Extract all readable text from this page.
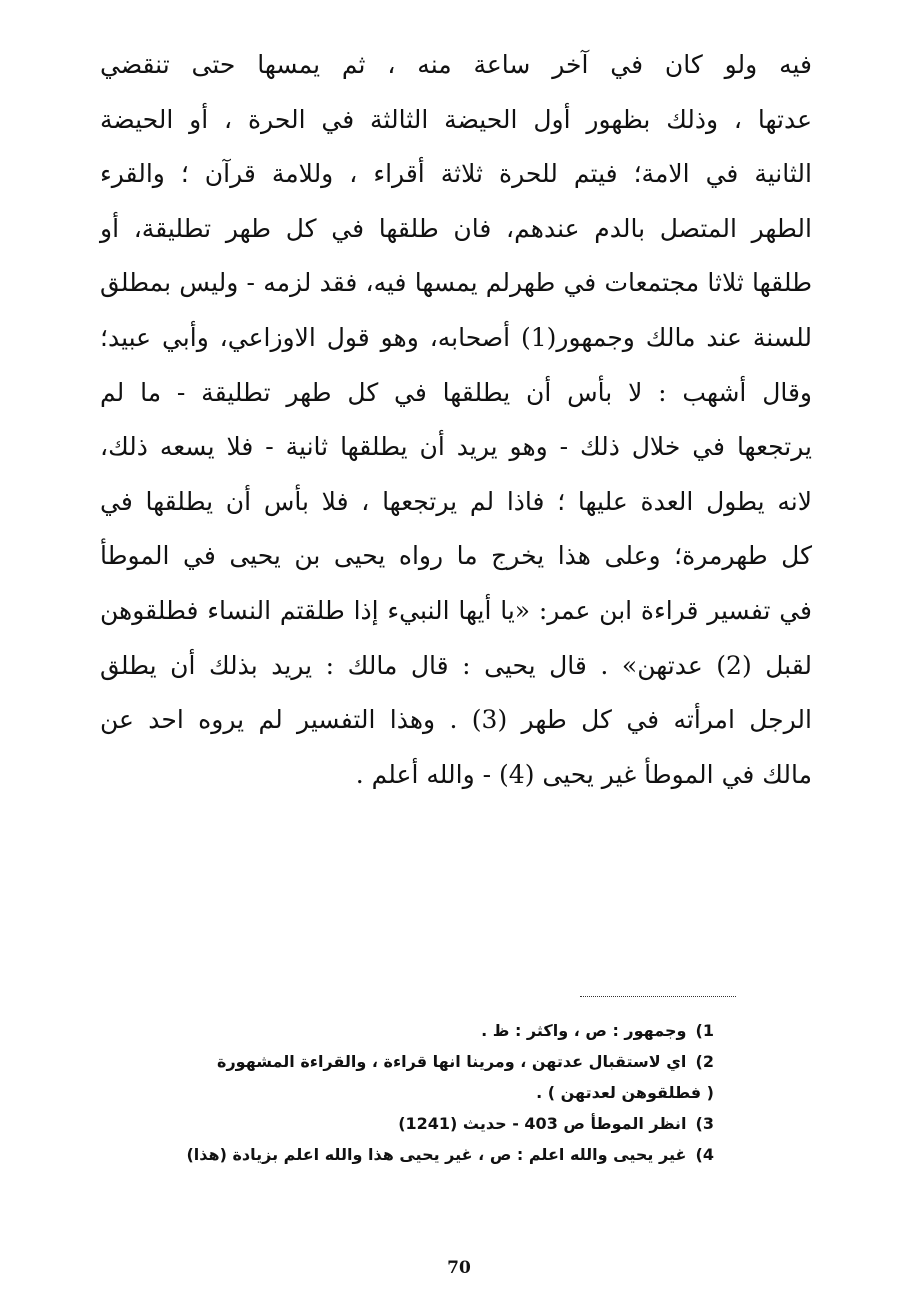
فيه ولو كان في آخر ساعة منه ، ثم يمسها حتى تنقضي
عدتها ، وذلك بظهور أول الحيضة الثالثة في الحرة ، أو الحيضة
الثانية في الامة؛ فيتم للحرة ثلاثة أقراء ، وللامة قرآن ؛ والقرء
الطهر المتصل بالدم عندهم، فان طلقها في كل طهر تطليقة، أو
طلقها ثلاثا مجتمعات في طهرلم يمسها فيه، فقد لزمه - وليس بمطلق
للسنة عند مالك وجمهور(1) أصحابه، وهو قول الاوزاعي، وأبي عبيد؛
وقال أشهب : لا بأس أن يطلقها في كل طهر تطليقة - ما لم
يرتجعها في خلال ذلك - وهو يريد أن يطلقها ثانية - فلا يسعه ذلك،
لانه يطول العدة عليها ؛ فاذا لم يرتجعها ، فلا بأس أن يطلقها في
كل طهرمرة؛ وعلى هذا يخرج ما رواه يحيى بن يحيى في الموطأ
في تفسير قراءة ابن عمر: «يا أيها النبيء إذا طلقتم النساء فطلقوهن
لقبل (2) عدتهن» . قال يحيى : قال مالك : يريد بذلك أن يطلق
الرجل امرأته في كل طهر (3) . وهذا التفسير لم يروه احد عن
مالك في الموطأ غير يحيى (4) - والله أعلم .
1) وجمهور : ص ، واكثر : ظ .
2) اي لاستقبال عدتهن ، ومرينا انها قراءة ، والقراءة المشهورة
( فطلقوهن لعدتهن ) .
3) انظر الموطأ ص 403 - حديث (1241)
4) غير يحيى والله اعلم : ص ، غير يحيى هذا والله اعلم بزيادة (هذا)
70
